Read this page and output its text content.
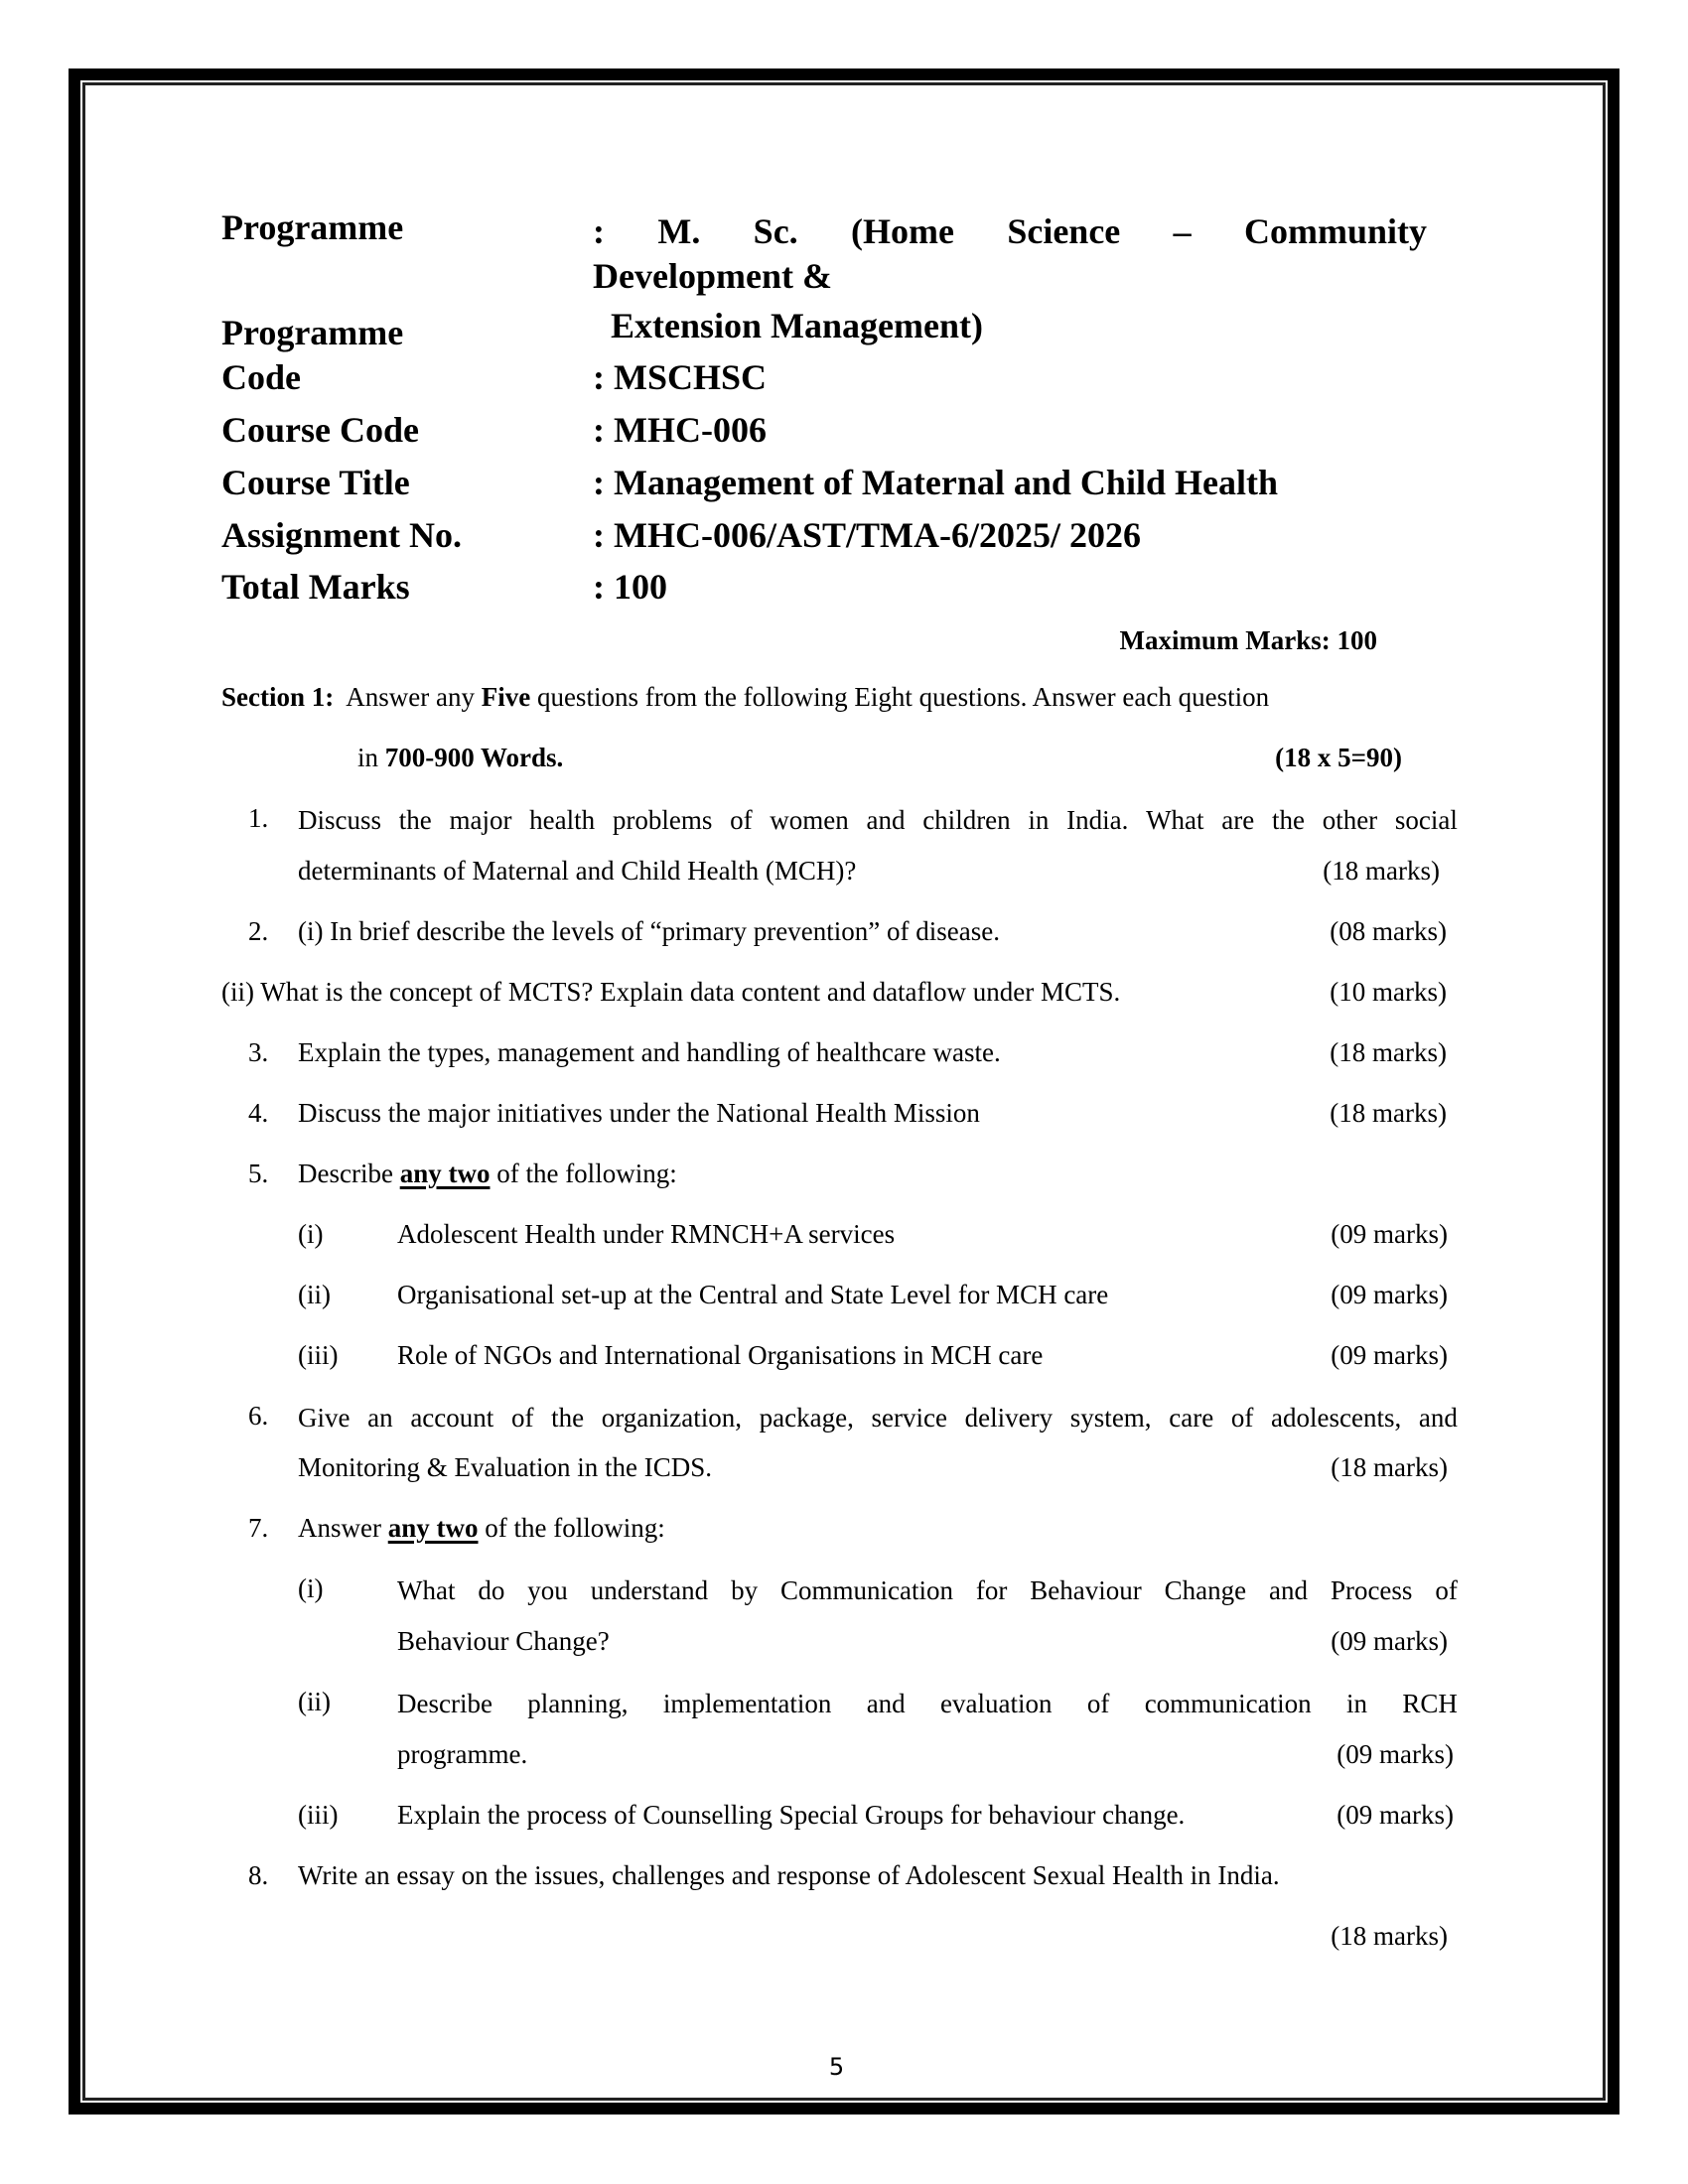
Programme	: M. Sc. (Home Science – Community
Development &
Extension Management)
Programme
Code	: MSCHSC
Course Code	: MHC-006
Course Title	: Management of Maternal and Child Health
Assignment No.	: MHC-006/AST/TMA-6/2025/ 2026
Total Marks	: 100
Maximum Marks: 100
Section 1: Answer any Five questions from the following Eight questions. Answer each question
in 700-900 Words.	(18 x 5=90)
1. Discuss the major health problems of women and children in India. What are the other social
determinants of Maternal and Child Health (MCH)?	(18 marks)
2. (i) In brief describe the levels of “primary prevention” of disease.	(08 marks)
(ii) What is the concept of MCTS? Explain data content and dataflow under MCTS.	(10 marks)
3. Explain the types, management and handling of healthcare waste.	(18 marks)
4. Discuss the major initiatives under the National Health Mission	(18 marks)
5. Describe any two of the following:
(i)	Adolescent Health under RMNCH+A services	(09 marks)
(ii) Organisational set-up at the Central and State Level for MCH care	(09 marks)
(iii) Role of NGOs and International Organisations in MCH care	(09 marks)
6. Give an account of the organization, package, service delivery system, care of adolescents, and
Monitoring & Evaluation in the ICDS.	(18 marks)
7. Answer any two of the following:
(i)	What do you understand by Communication for Behaviour Change and Process of
Behaviour Change?	(09 marks)
(ii) Describe planning, implementation and evaluation of communication in RCH
programme.	(09 marks)
(iii) Explain the process of Counselling Special Groups for behaviour change.	(09 marks)
8. Write an essay on the issues, challenges and response of Adolescent Sexual Health in India.
(18 marks)
5
